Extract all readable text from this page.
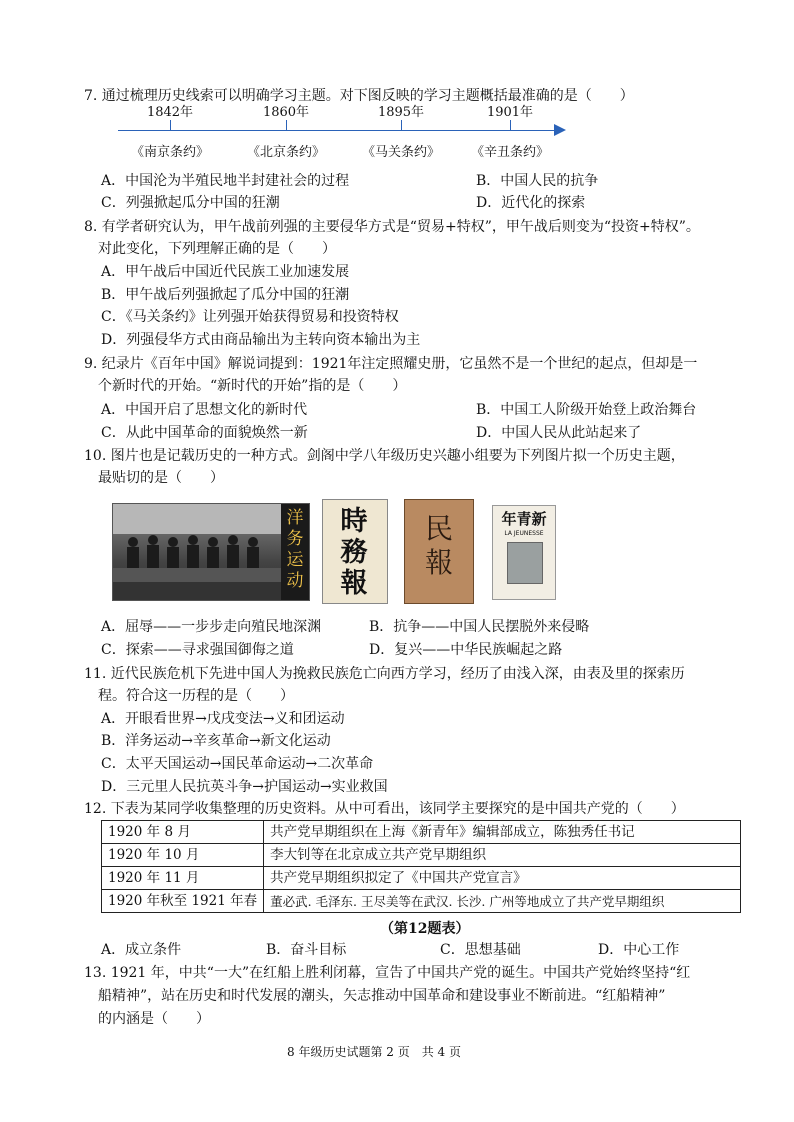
7. 通过梳理历史线索可以明确学习主题。对下图反映的学习主题概括最准确的是（　　）
1842年	1860年	1895年	1901年
《南京条约》	《北京条约》	《马关条约》 《辛丑条约》
A．中国沦为半殖民地半封建社会的过程	B．中国人民的抗争
C．列强掀起瓜分中国的狂潮	D．近代化的探索
8. 有学者研究认为，甲午战前列强的主要侵华方式是“贸易+特权”，甲午战后则变为“投资+特权”。
对此变化，下列理解正确的是（　　）
A．甲午战后中国近代民族工业加速发展
B．甲午战后列强掀起了瓜分中国的狂潮
C．《马关条约》让列强开始获得贸易和投资特权
D．列强侵华方式由商品输出为主转向资本输出为主
9. 纪录片《百年中国》解说词提到：1921年注定照耀史册，它虽然不是一个世纪的起点，但却是一
个新时代的开始。“新时代的开始”指的是（　　）
A．中国开启了思想文化的新时代	B．中国工人阶级开始登上政治舞台
C．从此中国革命的面貌焕然一新	D．中国人民从此站起来了
10. 图片也是记载历史的一种方式。剑阁中学八年级历史兴趣小组要为下列图片拟一个历史主题，
最贴切的是（　　）
洋务运动
時務報
民報
新青年
LA JEUNESSE
A．屈辱——一步步走向殖民地深渊	B．抗争——中国人民摆脱外来侵略
C．探索——寻求强国御侮之道	D．复兴——中华民族崛起之路
11. 近代民族危机下先进中国人为挽救民族危亡向西方学习，经历了由浅入深，由表及里的探索历
程。符合这一历程的是（　　）
A．开眼看世界→戊戌变法→义和团运动
B．洋务运动→辛亥革命→新文化运动
C．太平天国运动→国民革命运动→二次革命
D．三元里人民抗英斗争→护国运动→实业救国
12. 下表为某同学收集整理的历史资料。从中可看出，该同学主要探究的是中国共产党的（　　）
1920 年 8 月	共产党早期组织在上海《新青年》编辑部成立，陈独秀任书记
1920 年 10 月	李大钊等在北京成立共产党早期组织
1920 年 11 月	共产党早期组织拟定了《中国共产党宣言》
1920 年秋至 1921 年春	董必武. 毛泽东. 王尽美等在武汉. 长沙. 广州等地成立了共产党早期组织
（第12题表）
A．成立条件	B．奋斗目标	C．思想基础	D．中心工作
13. 1921 年，中共“一大”在红船上胜利闭幕，宣告了中国共产党的诞生。中国共产党始终坚持“红
船精神”，站在历史和时代发展的潮头，矢志推动中国革命和建设事业不断前进。“红船精神”
的内涵是（　　）
8 年级历史试题第 2 页　共 4 页
